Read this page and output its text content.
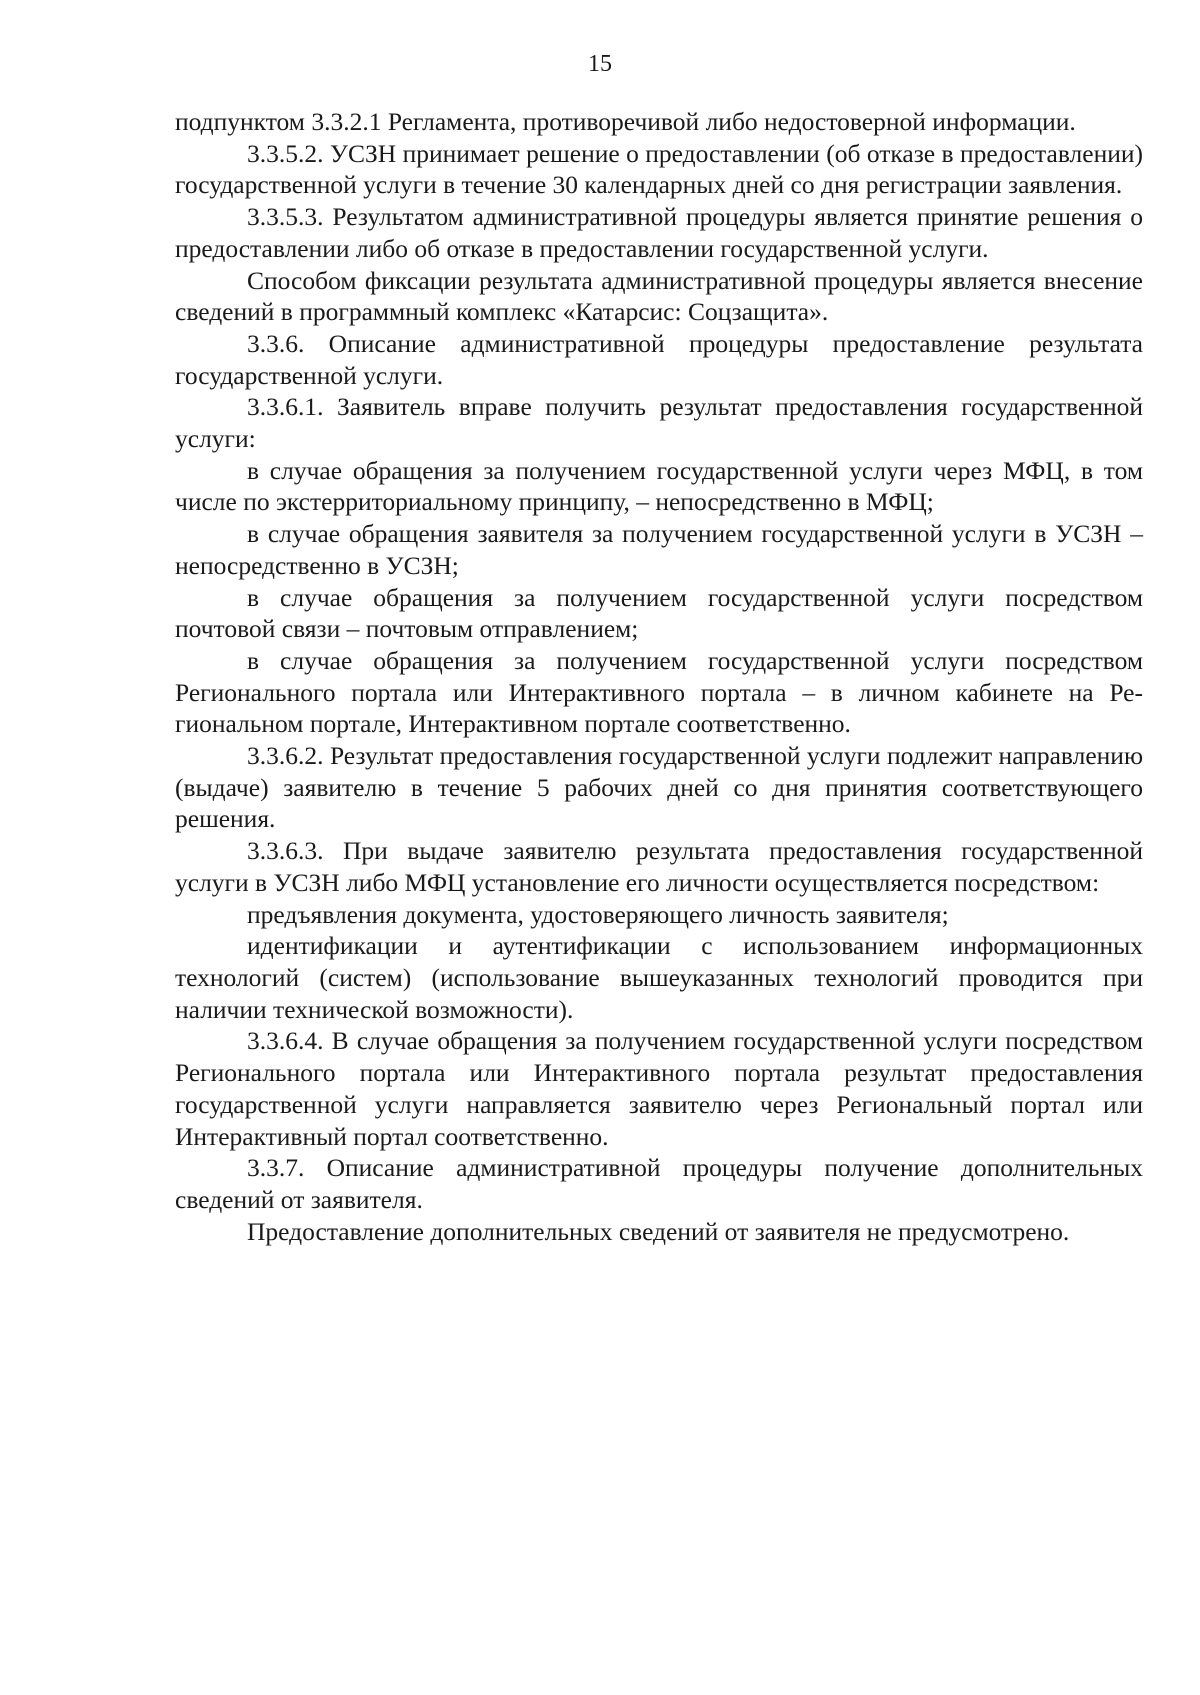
15

подпунктом 3.3.2.1 Регламента, противоречивой либо недостоверной информации.

3.3.5.2. УСЗН принимает решение о предоставлении (об отказе в предоставлении) государственной услуги в течение 30 календарных дней со дня регистрации заявления.

3.3.5.3. Результатом административной процедуры является принятие решения о предоставлении либо об отказе в предоставлении государственной услуги.

Способом фиксации результата административной процедуры является внесение сведений в программный комплекс «Катарсис: Соцзащита».

3.3.6. Описание административной процедуры предоставление результата государственной услуги.

3.3.6.1. Заявитель вправе получить результат предоставления государственной услуги:

в случае обращения за получением государственной услуги через МФЦ, в том числе по экстерриториальному принципу, – непосредственно в МФЦ;

в случае обращения заявителя за получением государственной услуги в УСЗН – непосредственно в УСЗН;

в случае обращения за получением государственной услуги посредством почтовой связи – почтовым отправлением;

в случае обращения за получением государственной услуги посредством Регионального портала или Интерактивного портала – в личном кабинете на Региональном портале, Интерактивном портале соответственно.

3.3.6.2. Результат предоставления государственной услуги подлежит направлению (выдаче) заявителю в течение 5 рабочих дней со дня принятия соответствующего решения.

3.3.6.3. При выдаче заявителю результата предоставления государственной услуги в УСЗН либо МФЦ установление его личности осуществляется посредством:

предъявления документа, удостоверяющего личность заявителя;

идентификации и аутентификации с использованием информационных технологий (систем) (использование вышеуказанных технологий проводится при наличии технической возможности).

3.3.6.4. В случае обращения за получением государственной услуги посредством Регионального портала или Интерактивного портала результат предоставления государственной услуги направляется заявителю через Региональный портал или Интерактивный портал соответственно.

3.3.7. Описание административной процедуры получение дополнительных сведений от заявителя.

Предоставление дополнительных сведений от заявителя не предусмотрено.
